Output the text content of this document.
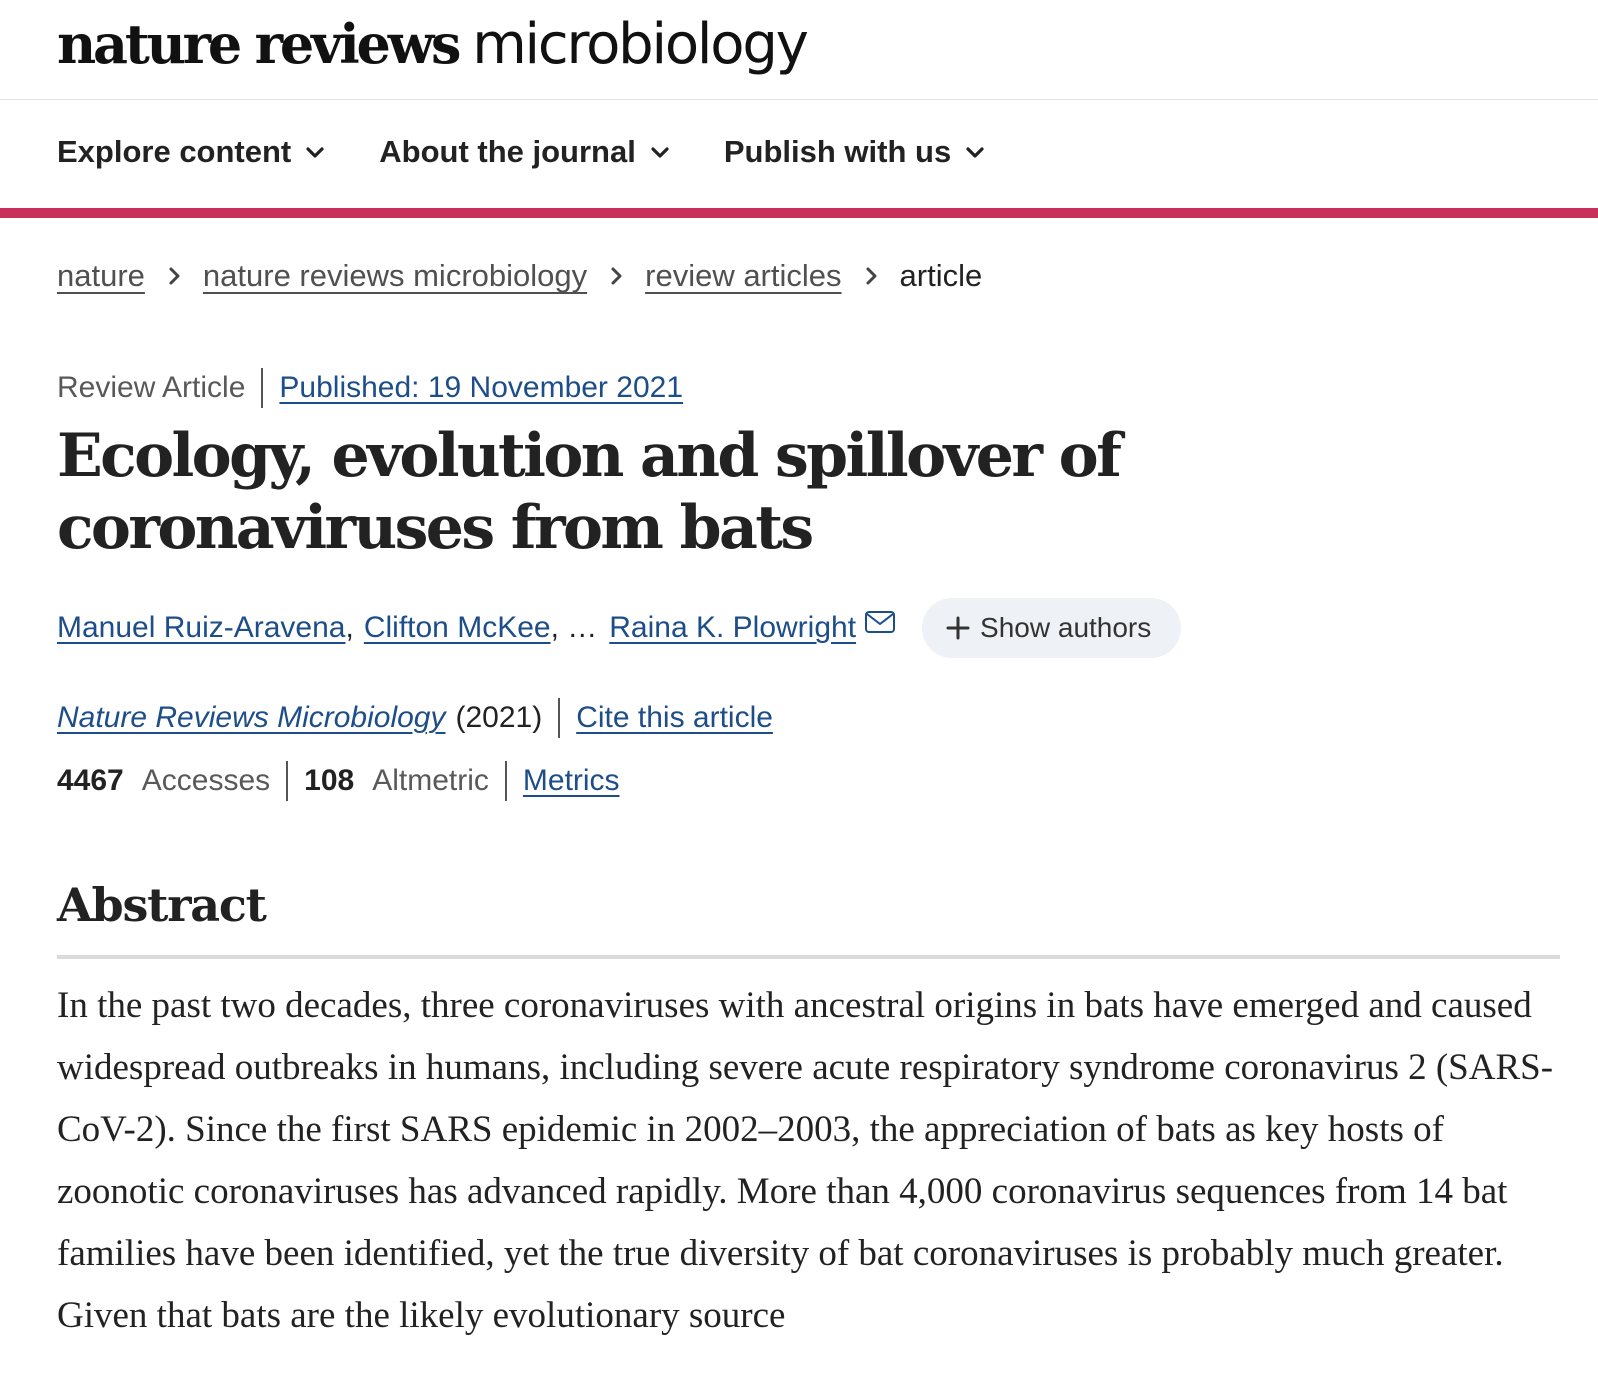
nature reviews microbiology
Explore content	About the journal	Publish with us
nature nature reviews microbiology review articles article
Review Article Published: 19 November 2021
Ecology, evolution and spillover of coronaviruses from bats
Manuel Ruiz-Aravena , Clifton McKee , … Raina K. Plowright	Show authors
Nature Reviews Microbiology (2021) Cite this article
4467 Accesses 108 Altmetric Metrics
Abstract

In the past two decades, three coronaviruses with ancestral origins in bats have emerged and caused widespread outbreaks in humans, including severe acute respiratory syndrome coronavirus 2 (SARS-CoV-2). Since the first SARS epidemic in 2002–2003, the appreciation of bats as key hosts of zoonotic coronaviruses has advanced rapidly. More than 4,000 coronavirus sequences from 14 bat families have been identified, yet the true diversity of bat coronaviruses is probably much greater. Given that bats are the likely evolutionary source
